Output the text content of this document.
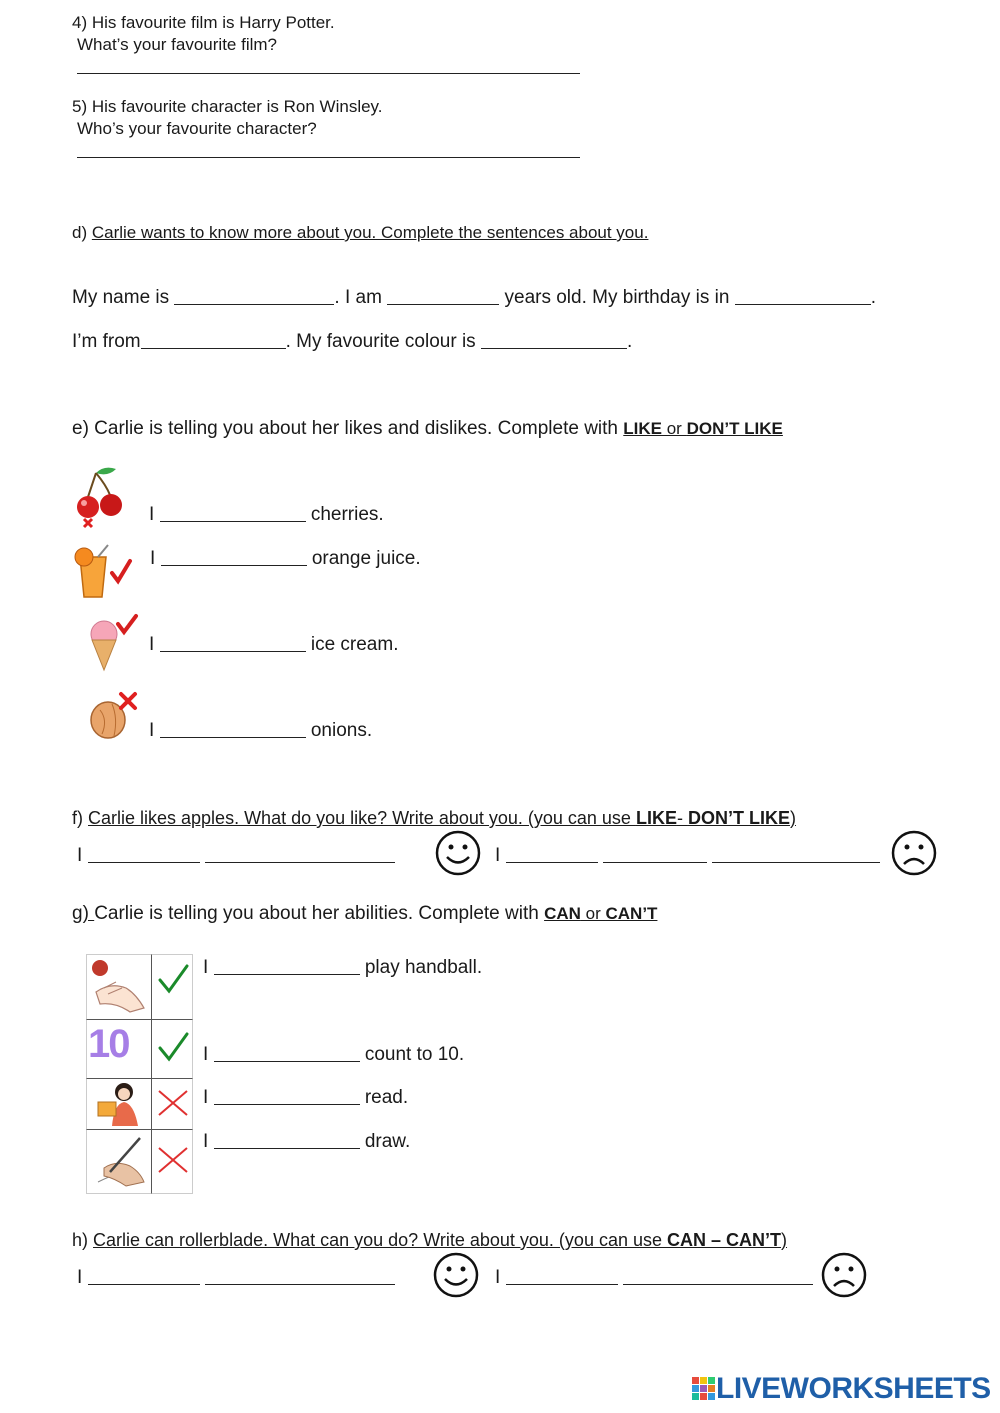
4) His favourite film is Harry Potter.
What’s your favourite film?
5) His favourite character is Ron Winsley.
Who’s your favourite character?
d) Carlie wants to know more about you. Complete the sentences about you.
My name is	. I am	years old. My birthday is in	.
I’m from	. My favourite colour is	.
e) Carlie is telling you about her likes and dislikes. Complete with LIKE or DON’T LIKE
I	cherries.
I	orange juice.
I	ice cream.
I	onions.
f) Carlie likes apples. What do you like? Write about you. (you can use LIKE- DON’T LIKE)
I	I
g) Carlie is telling you about her abilities. Complete with CAN or CAN’T
10
I	play handball.
I	count to 10.
I	read.
I	draw.
h) Carlie can rollerblade. What can you do? Write about you. (you can use CAN – CAN’T)
I	I
LIVEWORKSHEETS
